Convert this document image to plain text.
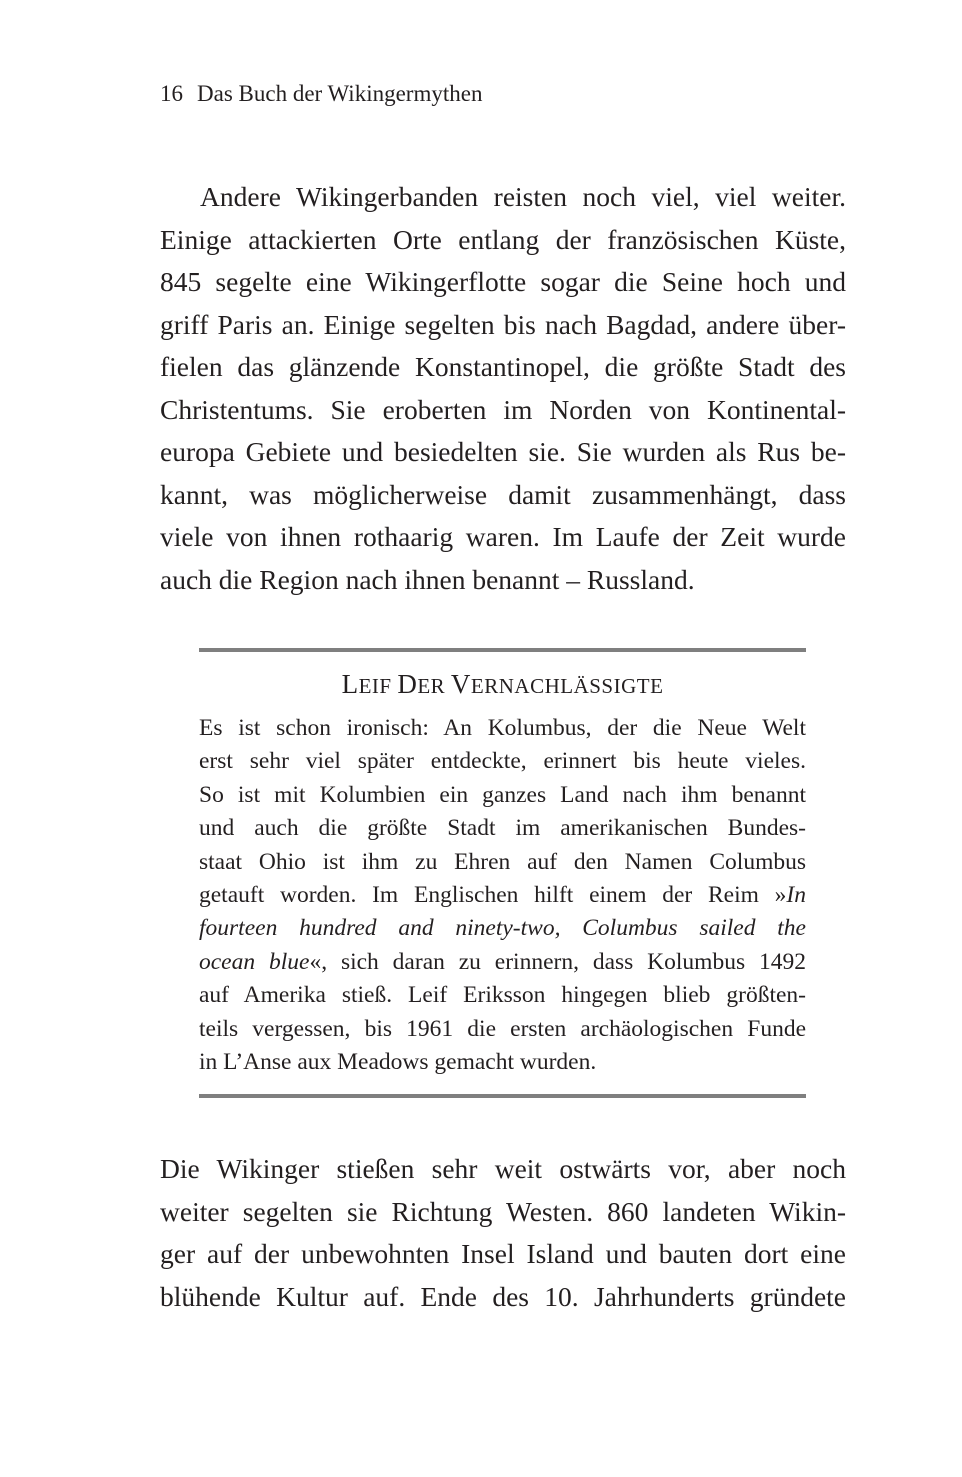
16 Das Buch der Wikingermythen
Andere Wikingerbanden reisten noch viel, viel weiter.
Einige attackierten Orte entlang der französischen Küste,
845 segelte eine Wikingerflotte sogar die Seine hoch und
griff Paris an. Einige segelten bis nach Bagdad, andere über-
fielen das glänzende Konstantinopel, die größte Stadt des
Christentums. Sie eroberten im Norden von Kontinental-
europa Gebiete und besiedelten sie. Sie wurden als Rus be-
kannt, was möglicherweise damit zusammenhängt, dass
viele von ihnen rothaarig waren. Im Laufe der Zeit wurde
auch die Region nach ihnen benannt – Russland.
LEIF DER VERNACHLÄSSIGTE
Es ist schon ironisch: An Kolumbus, der die Neue Welt
erst sehr viel später entdeckte, erinnert bis heute vieles.
So ist mit Kolumbien ein ganzes Land nach ihm benannt
und auch die größte Stadt im amerikanischen Bundes-
staat Ohio ist ihm zu Ehren auf den Namen Columbus
getauft worden. Im Englischen hilft einem der Reim »In
fourteen hundred and ninety-two, Columbus sailed the
ocean blue«, sich daran zu erinnern, dass Kolumbus 1492
auf Amerika stieß. Leif Eriksson hingegen blieb größten-
teils vergessen, bis 1961 die ersten archäologischen Funde
in L’Anse aux Meadows gemacht wurden.
Die Wikinger stießen sehr weit ostwärts vor, aber noch
weiter segelten sie Richtung Westen. 860 landeten Wikin-
ger auf der unbewohnten Insel Island und bauten dort eine
blühende Kultur auf. Ende des 10. Jahrhunderts gründete
